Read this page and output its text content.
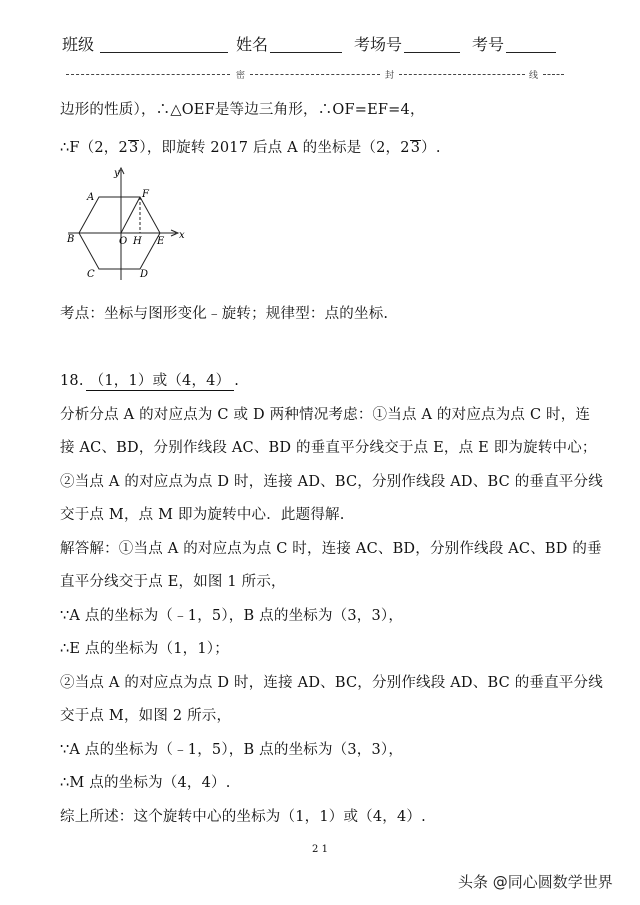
班级	姓名	考场号	考号
密	封	线
边形的性质），∴△OEF是等边三角形，∴OF=EF=4，
∴F（2，23），即旋转 2017 后点 A 的坐标是（2，23）.
y
x
A	F
B	O H E
C	D
考点：坐标与图形变化﹣旋转；规律型：点的坐标.
18. （1，1）或（4，4） .
分析分点 A 的对应点为 C 或 D 两种情况考虑：①当点 A 的对应点为点 C 时，连
接 AC、BD，分别作线段 AC、BD 的垂直平分线交于点 E，点 E 即为旋转中心；
②当点 A 的对应点为点 D 时，连接 AD、BC，分别作线段 AD、BC 的垂直平分线
交于点 M，点 M 即为旋转中心．此题得解.
解答解：①当点 A 的对应点为点 C 时，连接 AC、BD，分别作线段 AC、BD 的垂
直平分线交于点 E，如图 1 所示，
∵A 点的坐标为（﹣1，5），B 点的坐标为（3，3），
∴E 点的坐标为（1，1）；
②当点 A 的对应点为点 D 时，连接 AD、BC，分别作线段 AD、BC 的垂直平分线
交于点 M，如图 2 所示，
∵A 点的坐标为（﹣1，5），B 点的坐标为（3，3），
∴M 点的坐标为（4，4）.
综上所述：这个旋转中心的坐标为（1，1）或（4，4）.
2 1
头条 @同心圆数学世界
